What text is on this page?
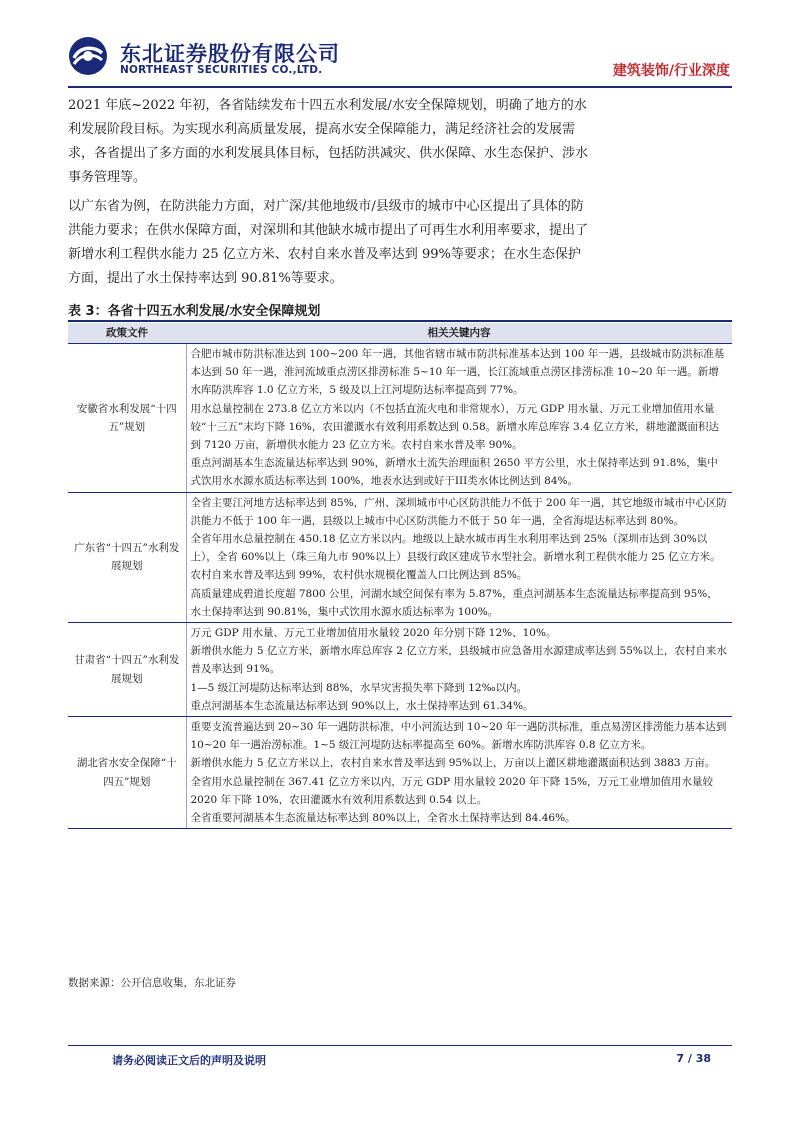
东北证券股份有限公司
NORTHEAST SECURITIES CO.,LTD.	建筑装饰/行业深度

2021 年底~2022 年初，各省陆续发布十四五水利发展/水安全保障规划，明确了地方的水利发展阶段目标。为实现水利高质量发展，提高水安全保障能力，满足经济社会的发展需求，各省提出了多方面的水利发展具体目标，包括防洪减灾、供水保障、水生态保护、涉水事务管理等。

以广东省为例，在防洪能力方面，对广深/其他地级市/县级市的城市中心区提出了具体的防洪能力要求；在供水保障方面，对深圳和其他缺水城市提出了可再生水利用率要求，提出了新增水利工程供水能力 25 亿立方米、农村自来水普及率达到 99%等要求；在水生态保护方面，提出了水土保持率达到 90.81%等要求。

表 3：各省十四五水利发展/水安全保障规划
政策文件	相关关键内容
安徽省水利发展“十四五”规划	合肥市城市防洪标准达到 100~200 年一遇，其他省辖市城市防洪标准基本达到 100 年一遇，县级城市防洪标准基本达到 50 年一遇，淮河流域重点涝区排涝标准 5~10 年一遇，长江流域重点涝区排涝标准 10~20 年一遇。新增水库防洪库容 1.0 亿立方米，5 级及以上江河堤防达标率提高到 77%。
用水总量控制在 273.8 亿立方米以内（不包括直流火电和非常规水），万元 GDP 用水量、万元工业增加值用水量较“十三五”末均下降 16%，农田灌溉水有效利用系数达到 0.58。新增水库总库容 3.4 亿立方米，耕地灌溉面积达到 7120 万亩，新增供水能力 23 亿立方米。农村自来水普及率 90%。
重点河湖基本生态流量达标率达到 90%，新增水土流失治理面积 2650 平方公里，水土保持率达到 91.8%，集中式饮用水水源水质达标率达到 100%，地表水达到或好于III类水体比例达到 84%。

广东省“十四五”水利发展规划	全省主要江河地方达标率达到 85%，广州、深圳城市中心区防洪能力不低于 200 年一遇，其它地级市城市中心区防洪能力不低于 100 年一遇，县级以上城市中心区防洪能力不低于 50 年一遇，全省海堤达标率达到 80%。
全省年用水总量控制在 450.18 亿立方米以内。地级以上缺水城市再生水利用率达到 25%（深圳市达到 30%以上），全省 60%以上（珠三角九市 90%以上）县级行政区建成节水型社会。新增水利工程供水能力 25 亿立方米。
农村自来水普及率达到 99%，农村供水规模化覆盖人口比例达到 85%。
高质量建成碧道长度超 7800 公里，河湖水域空间保有率为 5.87%，重点河湖基本生态流量达标率提高到 95%，水土保持率达到 90.81%，集中式饮用水源水质达标率为 100%。

甘肃省“十四五”水利发展规划	万元 GDP 用水量、万元工业增加值用水量较 2020 年分别下降 12%、10%。
新增供水能力 5 亿立方米，新增水库总库容 2 亿立方米，县级城市应急备用水源建成率达到 55%以上，农村自来水普及率达到 91%。
1—5 级江河堤防达标率达到 88%，水旱灾害损失率下降到 12‰以内。
重点河湖基本生态流量达标率达到 90%以上，水土保持率达到 61.34%。

湖北省水安全保障“十四五”规划	重要支流普遍达到 20~30 年一遇防洪标准，中小河流达到 10~20 年一遇防洪标准，重点易涝区排涝能力基本达到 10~20 年一遇治涝标准。1~5 级江河堤防达标率提高至 60%。新增水库防洪库容 0.8 亿立方米。
新增供水能力 5 亿立方米以上，农村自来水普及率达到 95%以上，万亩以上灌区耕地灌溉面积达到 3883 万亩。
全省用水总量控制在 367.41 亿立方米以内，万元 GDP 用水量较 2020 年下降 15%，万元工业增加值用水量较 2020 年下降 10%，农田灌溉水有效利用系数达到 0.54 以上。
全省重要河湖基本生态流量达标率达到 80%以上，全省水土保持率达到 84.46%。
数据来源：公开信息收集，东北证券
请务必阅读正文后的声明及说明	7 / 38
